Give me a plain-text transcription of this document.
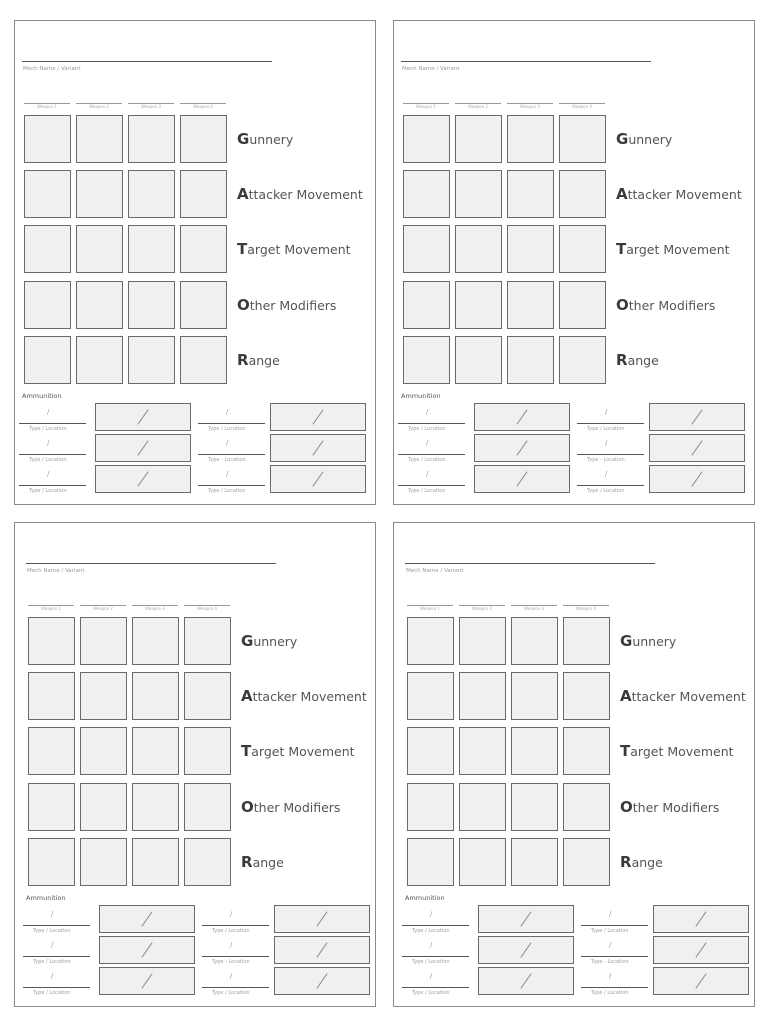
Mech Name / Variant
Weapon 1	Weapon 2	Weapon 3	Weapon 4
Gunnery
Attacker Movement
Target Movement
Other Modifiers
Range
Ammunition
/
Type / Location
/
Type / Location
/
Type / Location
/
Type - Location
/
Type / Location
/
Type / Location
Mech Name / Variant
Weapon 1	Weapon 2	Weapon 3	Weapon 4
Gunnery
Attacker Movement
Target Movement
Other Modifiers
Range
Ammunition
/
Type / Location
/
Type / Location
/
Type / Location
/
Type - Location
/
Type / Location
/
Type / Location
Mech Name / Variant
Weapon 1	Weapon 2	Weapon 3	Weapon 4
Gunnery
Attacker Movement
Target Movement
Other Modifiers
Range
Ammunition
/
Type / Location
/
Type / Location
/
Type / Location
/
Type - Location
/
Type / Location
/
Type / Location
Mech Name / Variant
Weapon 1	Weapon 2	Weapon 3	Weapon 4
Gunnery
Attacker Movement
Target Movement
Other Modifiers
Range
Ammunition
/
Type / Location
/
Type / Location
/
Type / Location
/
Type - Location
/
Type / Location
/
Type / Location
